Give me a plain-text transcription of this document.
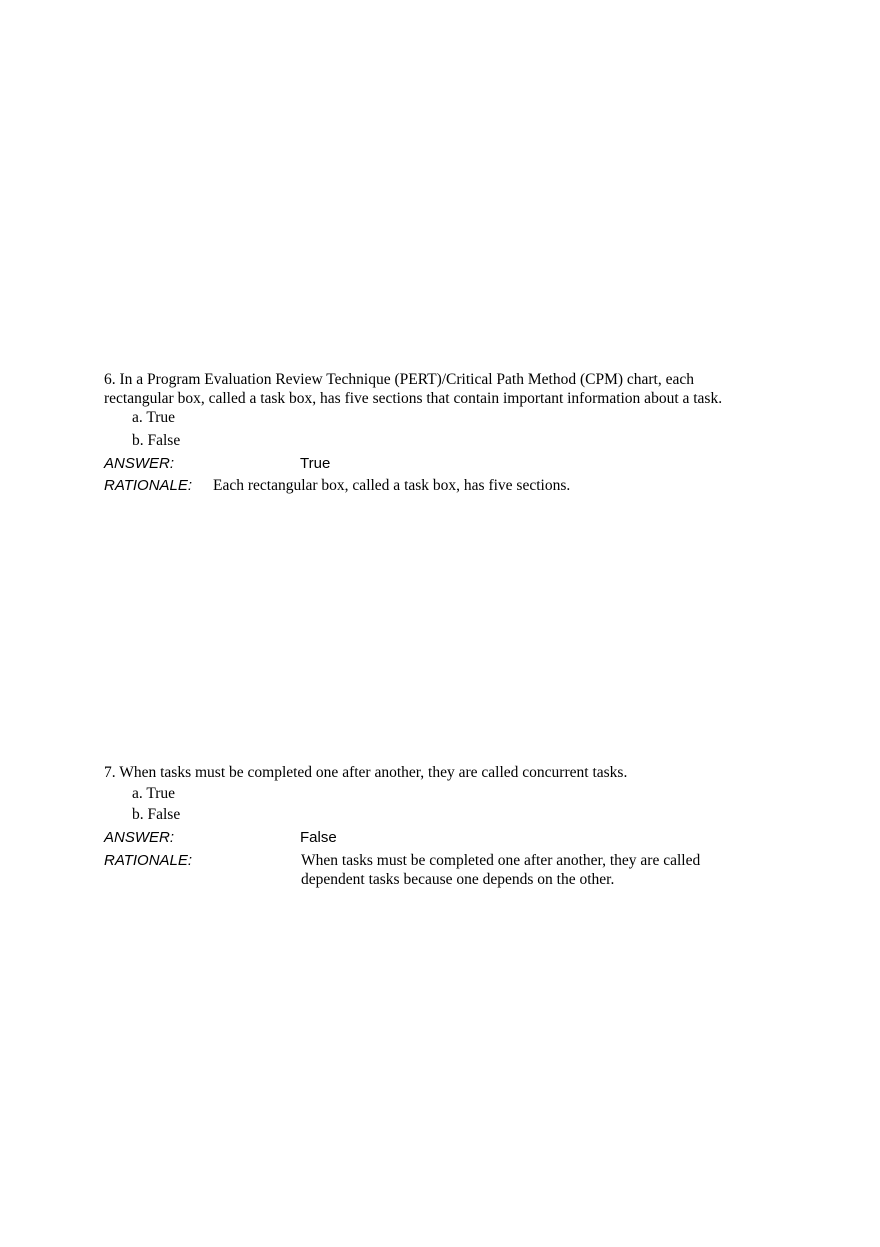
6. In a Program Evaluation Review Technique (PERT)/Critical Path Method (CPM) chart, each
rectangular box, called a task box, has five sections that contain important information about a task.
a. True
b. False
ANSWER:	True
RATIONALE: Each rectangular box, called a task box, has five sections.
7. When tasks must be completed one after another, they are called concurrent tasks.
a. True
b. False
ANSWER:	False
RATIONALE:	When tasks must be completed one after another, they are called
dependent tasks because one depends on the other.
